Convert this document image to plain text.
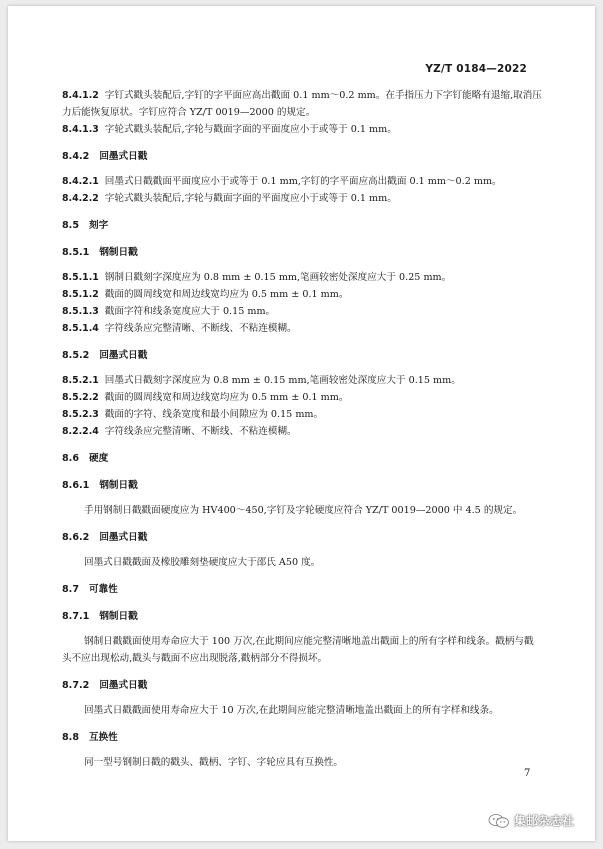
YZ/T 0184—2022

8.4.1.2 字钉式戳头装配后,字钉的字平面应高出戳面 0.1 mm～0.2 mm。在手指压力下字钉能略有退缩,取消压力后能恢复原状。字钉应符合 YZ/T 0019—2000 的规定。

8.4.1.3 字轮式戳头装配后,字轮与戳面字面的平面度应小于或等于 0.1 mm。

8.4.2 回墨式日戳

8.4.2.1 回墨式日戳戳面平面度应小于或等于 0.1 mm,字钉的字平面应高出戳面 0.1 mm～0.2 mm。

8.4.2.2 字轮式戳头装配后,字轮与戳面字面的平面度应小于或等于 0.1 mm。

8.5 刻字
8.5.1 钢制日戳

8.5.1.1 钢制日戳刻字深度应为 0.8 mm ± 0.15 mm,笔画较密处深度应大于 0.25 mm。

8.5.1.2 戳面的圆周线宽和周边线宽均应为 0.5 mm ± 0.1 mm。

8.5.1.3 戳面字符和线条宽度应大于 0.15 mm。

8.5.1.4 字符线条应完整清晰、不断线、不粘连模糊。

8.5.2 回墨式日戳

8.5.2.1 回墨式日戳刻字深度应为 0.8 mm ± 0.15 mm,笔画较密处深度应大于 0.15 mm。

8.5.2.2 戳面的圆周线宽和周边线宽均应为 0.5 mm ± 0.1 mm。

8.5.2.3 戳面的字符、线条宽度和最小间隙应为 0.15 mm。

8.2.2.4 字符线条应完整清晰、不断线、不粘连模糊。

8.6 硬度
8.6.1 钢制日戳

手用钢制日戳戳面硬度应为 HV400～450,字钉及字轮硬度应符合 YZ/T 0019—2000 中 4.5 的规定。

8.6.2 回墨式日戳

回墨式日戳戳面及橡胶雕刻垫硬度应大于邵氏 A50 度。

8.7 可靠性
8.7.1 钢制日戳

钢制日戳戳面使用寿命应大于 100 万次,在此期间应能完整清晰地盖出戳面上的所有字样和线条。戳柄与戳头不应出现松动,戳头与戳面不应出现脱落,戳柄部分不得损坏。

8.7.2 回墨式日戳

回墨式日戳戳面使用寿命应大于 10 万次,在此期间应能完整清晰地盖出戳面上的所有字样和线条。

8.8 互换性

同一型号钢制日戳的戳头、戳柄、字钉、字轮应具有互换性。

7
集邮杂志社
